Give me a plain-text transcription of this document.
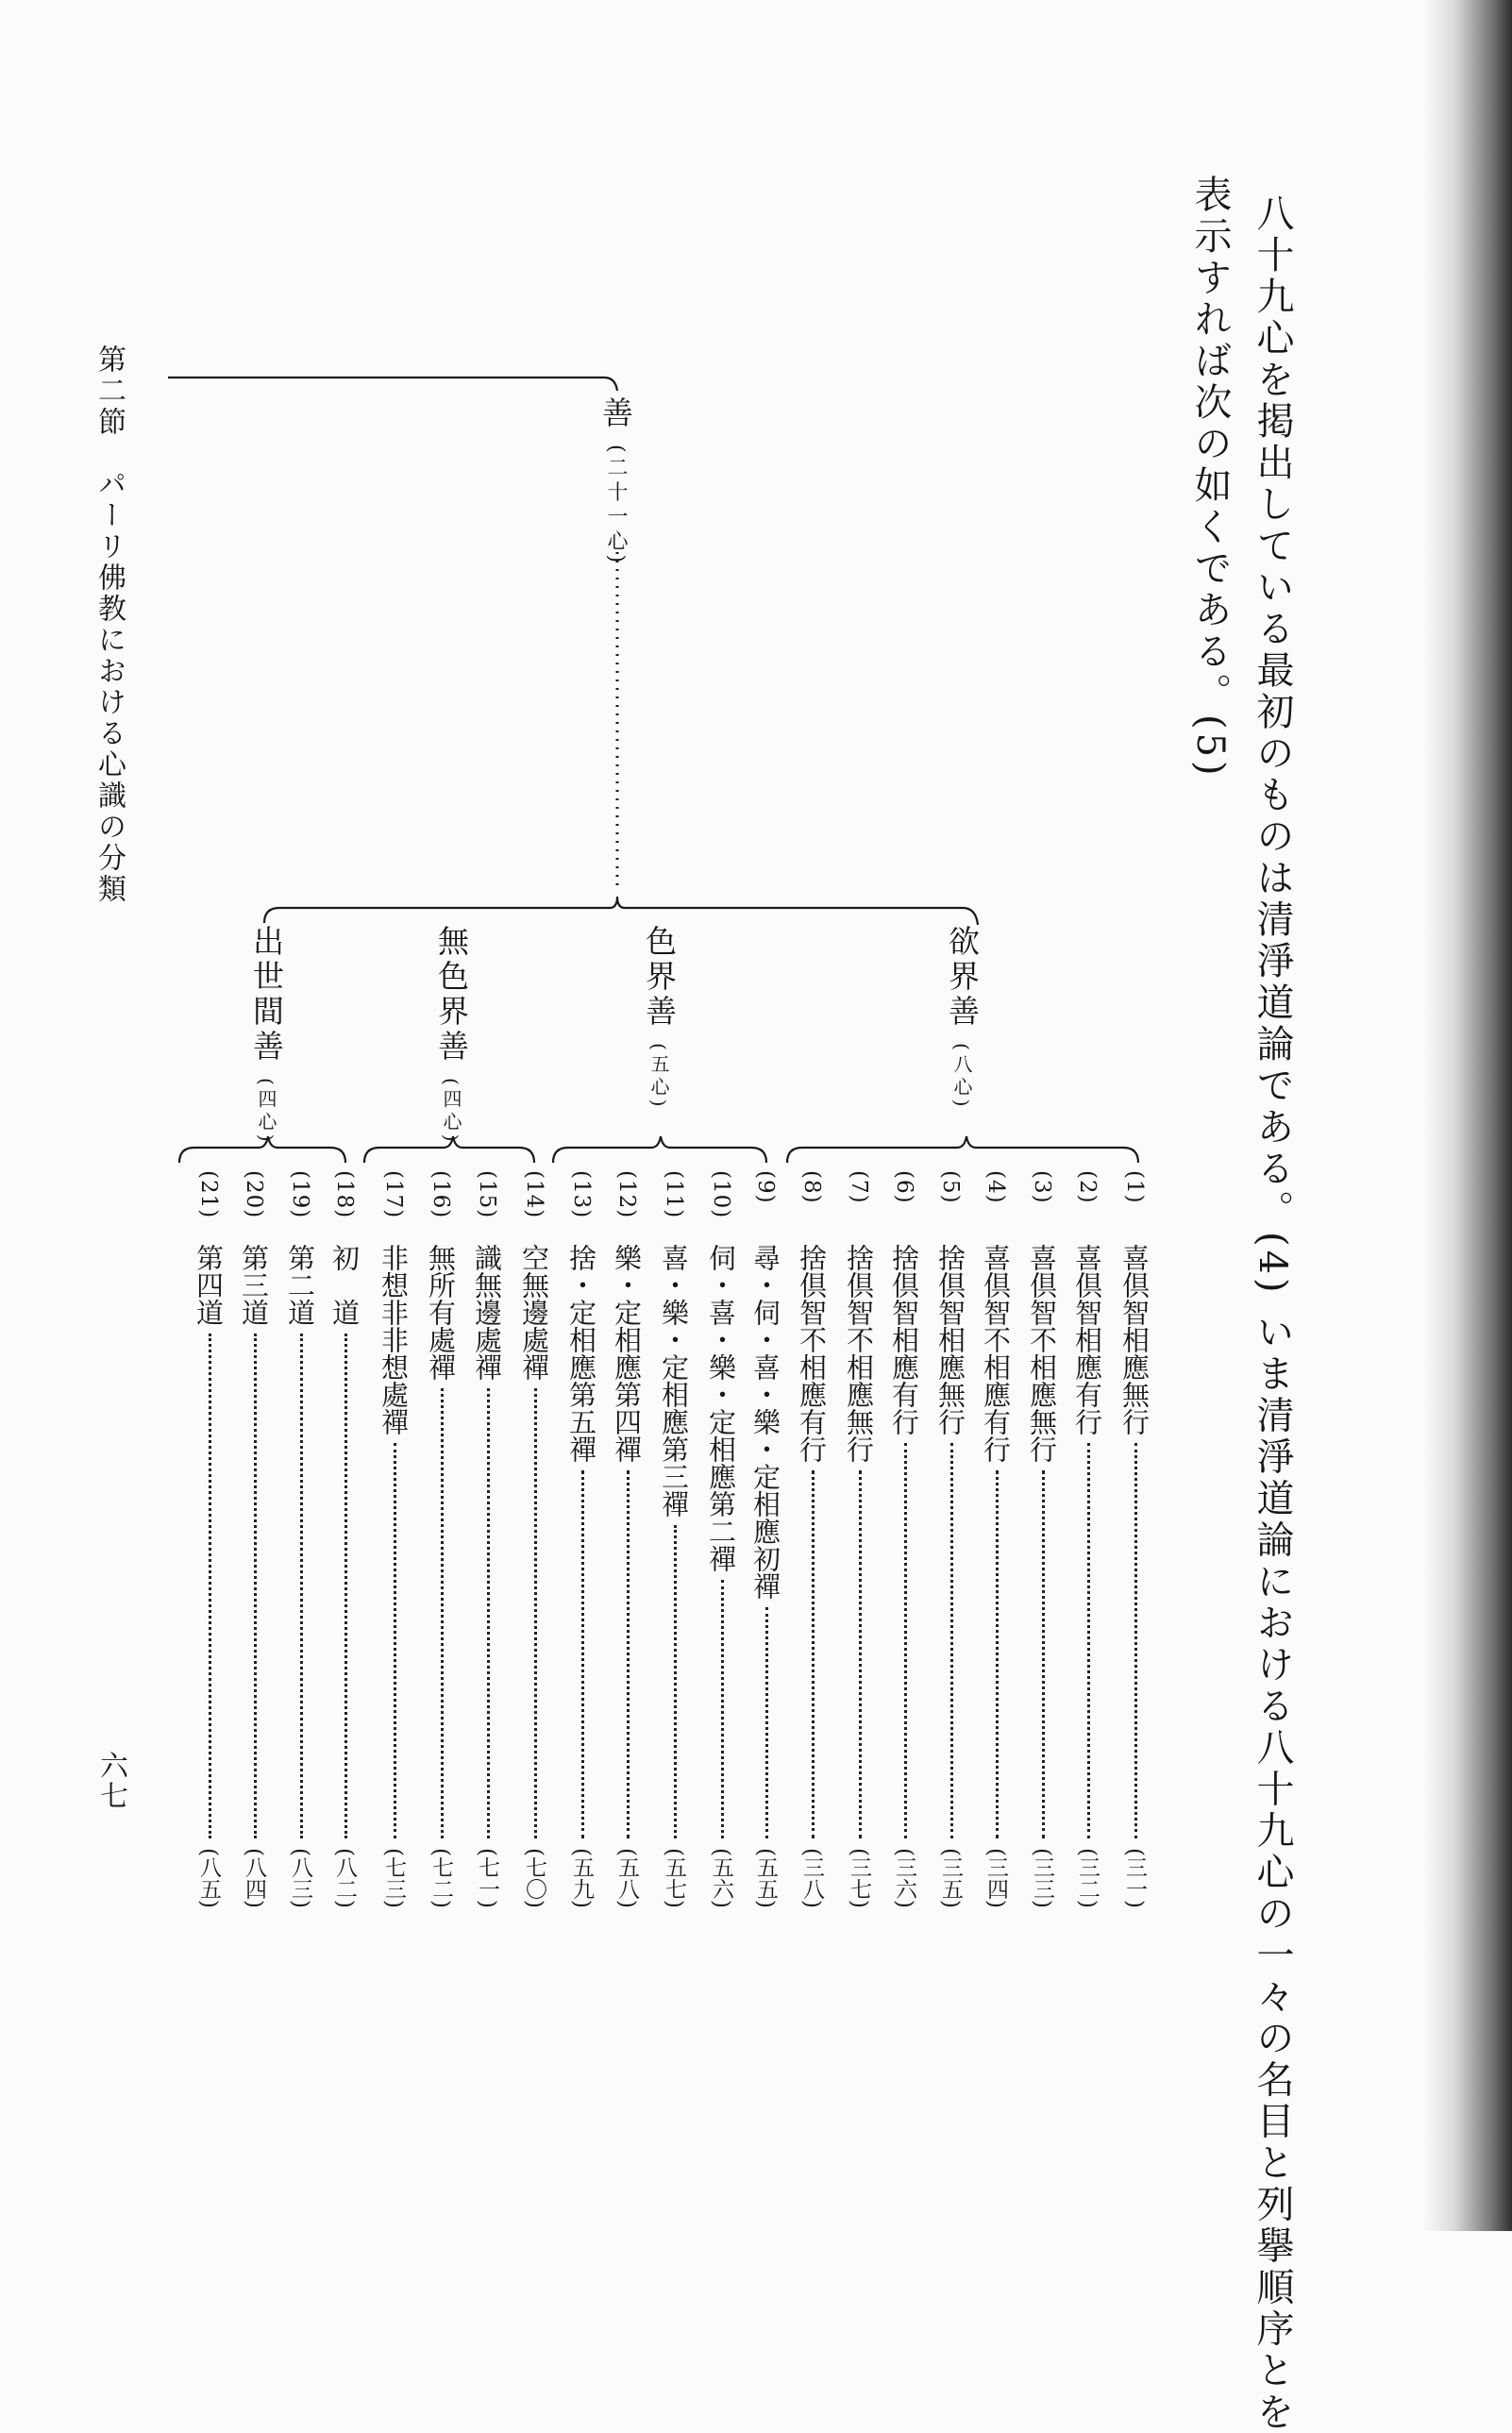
八十九心を掲出している最初のものは清淨道論である。(4) いま清淨道論における八十九心の一々の名目と列擧順序とを
表示すれば次の如くである。(5)
第二節　パーリ佛教における心識の分類
六七
善(二十一心)
欲界善(八心)
色界善(五心)
無色界善(四心)
出世間善(四心)
(1)
喜倶智相應無行
(三一)
(2)
喜倶智相應有行
(三二)
(3)
喜倶智不相應無行
(三三)
(4)
喜倶智不相應有行
(三四)
(5)
捨倶智相應無行
(三五)
(6)
捨倶智相應有行
(三六)
(7)
捨倶智不相應無行
(三七)
(8)
捨倶智不相應有行
(三八)
(9)
尋・伺・喜・樂・定相應初禪
(五五)
(10)
伺・喜・樂・定相應第二禪
(五六)
(11)
喜・樂・定相應第三禪
(五七)
(12)
樂・定相應第四禪
(五八)
(13)
捨・定相應第五禪
(五九)
(14)
空無邊處禪
(七〇)
(15)
識無邊處禪
(七一)
(16)
無所有處禪
(七二)
(17)
非想非非想處禪
(七三)
(18)
初　道
(八二)
(19)
第二道
(八三)
(20)
第三道
(八四)
(21)
第四道
(八五)
